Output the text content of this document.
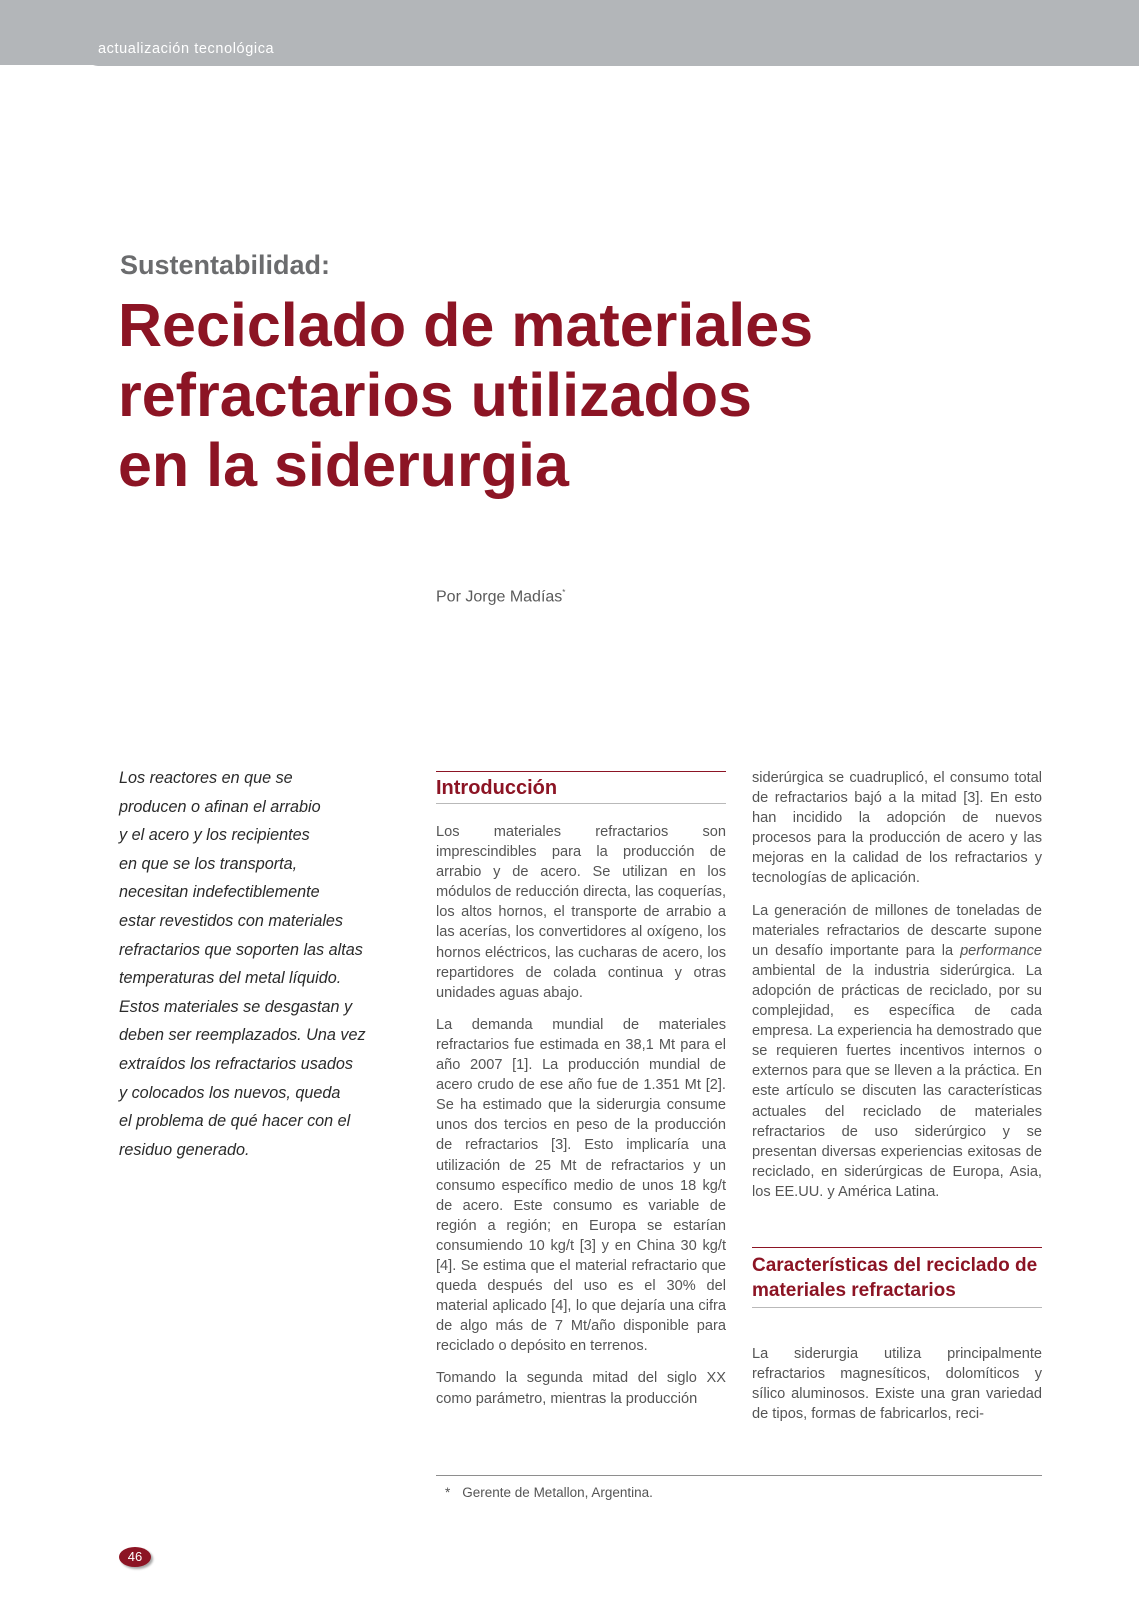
actualización tecnológica
Sustentabilidad:
Reciclado de materiales
refractarios utilizados
en la siderurgia
Por Jorge Madías*
Los reactores en que se
producen o afinan el arrabio
y el acero y los recipientes
en que se los transporta,
necesitan indefectiblemente
estar revestidos con materiales
refractarios que soporten las altas
temperaturas del metal líquido.
Estos materiales se desgastan y
deben ser reemplazados. Una vez
extraídos los refractarios usados
y colocados los nuevos, queda
el problema de qué hacer con el
residuo generado.
Introducción

Los materiales refractarios son imprescindibles para la producción de arrabio y de acero. Se utilizan en los módulos de reducción directa, las coquerías, los altos hornos, el transporte de arrabio a las acerías, los convertidores al oxígeno, los hornos eléctricos, las cucharas de acero, los repartidores de colada continua y otras unidades aguas abajo.

La demanda mundial de materiales refractarios fue estimada en 38,1 Mt para el año 2007 [1]. La producción mundial de acero crudo de ese año fue de 1.351 Mt [2]. Se ha estimado que la siderurgia consume unos dos tercios en peso de la producción de refractarios [3]. Esto implicaría una utilización de 25 Mt de refractarios y un consumo específico medio de unos 18 kg/t de acero. Este consumo es variable de región a región; en Europa se estarían consumiendo 10 kg/t [3] y en China 30 kg/t [4]. Se estima que el material refractario que queda después del uso es el 30% del material aplicado [4], lo que dejaría una cifra de algo más de 7 Mt/año disponible para reciclado o depósito en terrenos.

Tomando la segunda mitad del siglo XX como parámetro, mientras la producción

siderúrgica se cuadruplicó, el consumo total de refractarios bajó a la mitad [3]. En esto han incidido la adopción de nuevos procesos para la producción de acero y las mejoras en la calidad de los refractarios y tecnologías de aplicación.

La generación de millones de toneladas de materiales refractarios de descarte supone un desafío importante para la performance ambiental de la industria siderúrgica. La adopción de prácticas de reciclado, por su complejidad, es específica de cada empresa. La experiencia ha demostrado que se requieren fuertes incentivos internos o externos para que se lleven a la práctica. En este artículo se discuten las características actuales del reciclado de materiales refractarios de uso siderúrgico y se presentan diversas experiencias exitosas de reciclado, en siderúrgicas de Europa, Asia, los EE.UU. y América Latina.

Características del reciclado de materiales refractarios

La siderurgia utiliza principalmente refractarios magnesíticos, dolomíticos y sílico aluminosos. Existe una gran variedad de tipos, formas de fabricarlos, reci-

* Gerente de Metallon, Argentina.
46
